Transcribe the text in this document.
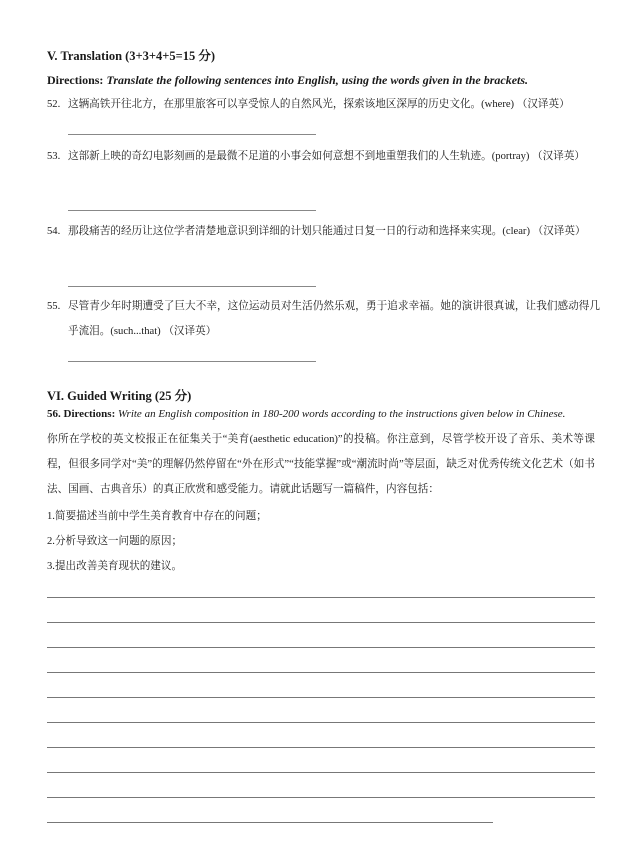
V. Translation (3+3+4+5=15 分)
Directions: Translate the following sentences into English, using the words given in the brackets.
52. 这辆高铁开往北方，在那里旅客可以享受惊人的自然风光，探索该地区深厚的历史文化。(where) （汉译英）
53. 这部新上映的奇幻电影刻画的是最微不足道的小事会如何意想不到地重塑我们的人生轨迹。(portray) （汉译英）
54. 那段痛苦的经历让这位学者清楚地意识到详细的计划只能通过日复一日的行动和选择来实现。(clear) （汉译英）
55. 尽管青少年时期遭受了巨大不幸，这位运动员对生活仍然乐观，勇于追求幸福。她的演讲很真诚，让我们感动得几乎流泪。(such...that) （汉译英）
VI. Guided Writing (25 分)
56. Directions: Write an English composition in 180-200 words according to the instructions given below in Chinese.
你所在学校的英文校报正在征集关于“美育(aesthetic education)”的投稿。你注意到，尽管学校开设了音乐、美术等课程，但很多同学对“美”的理解仍然停留在“外在形式”“技能掌握”或“潮流时尚”等层面，缺乏对优秀传统文化艺术（如书法、国画、古典音乐）的真正欣赏和感受能力。请就此话题写一篇稿件，内容包括：
1.简要描述当前中学生美育教育中存在的问题；
2.分析导致这一问题的原因；
3.提出改善美育现状的建议。
